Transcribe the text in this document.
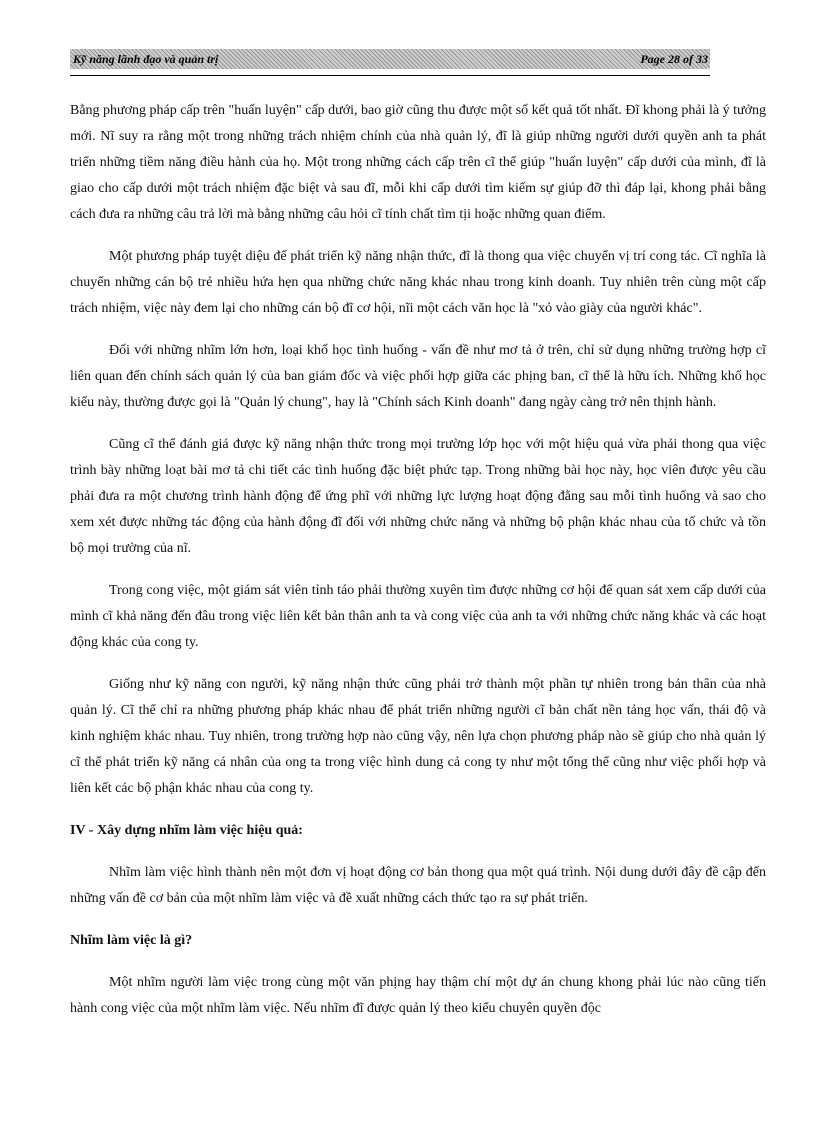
Kỹ năng lãnh đạo và quản trị	Page 28 of 33

Bằng phương pháp cấp trên "huấn luyện" cấp dưới, bao giờ cũng thu được một số kết quả tốt nhất. Đĩ khong phải là ý tưởng mới. Nĩ suy ra rằng một trong những trách nhiệm chính của nhà quản lý, đĩ là giúp những người dưới quyền anh ta phát triển những tiềm năng điều hành của họ. Một trong những cách cấp trên cĩ thể giúp "huấn luyện" cấp dưới của mình, đĩ là giao cho cấp dưới một trách nhiệm đặc biệt và sau đĩ, mỗi khi cấp dưới tìm kiếm sự giúp đỡ thì đáp lại, khong phải bằng cách đưa ra những câu trả lời mà bằng những câu hỏi cĩ tính chất tìm tịi hoặc những quan điểm.

Một phương pháp tuyệt diệu để phát triển kỹ năng nhận thức, đĩ là thong qua việc chuyển vị trí cong tác. Cĩ nghĩa là chuyển những cán bộ trẻ nhiều hứa hẹn qua những chức năng khác nhau trong kinh doanh. Tuy nhiên trên cùng một cấp trách nhiệm, việc này đem lại cho những cán bộ đĩ cơ hội, nĩi một cách văn học là "xỏ vào giày của người khác".

Đối với những nhĩm lớn hơn, loại khố học tình huống - vấn đề như mơ tả ở trên, chỉ sử dụng những trường hợp cĩ liên quan đến chính sách quản lý của ban giám đốc và việc phối hợp giữa các phịng ban, cĩ thể là hữu ích. Những khố học kiểu này, thường được gọi là "Quản lý chung", hay là "Chính sách Kinh doanh" đang ngày càng trở nên thịnh hành.

Cũng cĩ thể đánh giá được kỹ năng nhận thức trong mọi trường lớp học với một hiệu quả vừa phải thong qua việc trình bày những loạt bài mơ tả chi tiết các tình huống đặc biệt phức tạp. Trong những bài học này, học viên được yêu cầu phải đưa ra một chương trình hành động để ứng phĩ với những lực lượng hoạt động đằng sau mỗi tình huống và sao cho xem xét được những tác động của hành động đĩ đối với những chức năng và những bộ phận khác nhau của tổ chức và tồn bộ mọi trường của nĩ.

Trong cong việc, một giám sát viên tỉnh táo phải thường xuyên tìm được những cơ hội để quan sát xem cấp dưới của mình cĩ khả năng đến đâu trong việc liên kết bản thân anh ta và cong việc của anh ta với những chức năng khác và các hoạt động khác của cong ty.

Giống như kỹ năng con người, kỹ năng nhận thức cũng phải trở thành một phần tự nhiên trong bản thân của nhà quản lý. Cĩ thể chỉ ra những phương pháp khác nhau để phát triển những người cĩ bản chất nền tảng học vấn, thái độ và kinh nghiệm khác nhau. Tuy nhiên, trong trường hợp nào cũng vậy, nên lựa chọn phương pháp nào sẽ giúp cho nhà quản lý cĩ thể phát triển kỹ năng cá nhân của ong ta trong việc hình dung cả cong ty như một tổng thể cũng như việc phối hợp và liên kết các bộ phận khác nhau của cong ty.

IV - Xây dựng nhĩm làm việc hiệu quả:

Nhĩm làm việc hình thành nên một đơn vị hoạt động cơ bản thong qua một quá trình. Nội dung dưới đây đề cập đến những vấn đề cơ bản của một nhĩm làm việc và đề xuất những cách thức tạo ra sự phát triển.

Nhĩm làm việc là gì?

Một nhĩm người làm việc trong cùng một văn phịng hay thậm chí một dự án chung khong phải lúc nào cũng tiến hành cong việc của một nhĩm làm việc. Nếu nhĩm đĩ được quản lý theo kiểu chuyên quyền độc
